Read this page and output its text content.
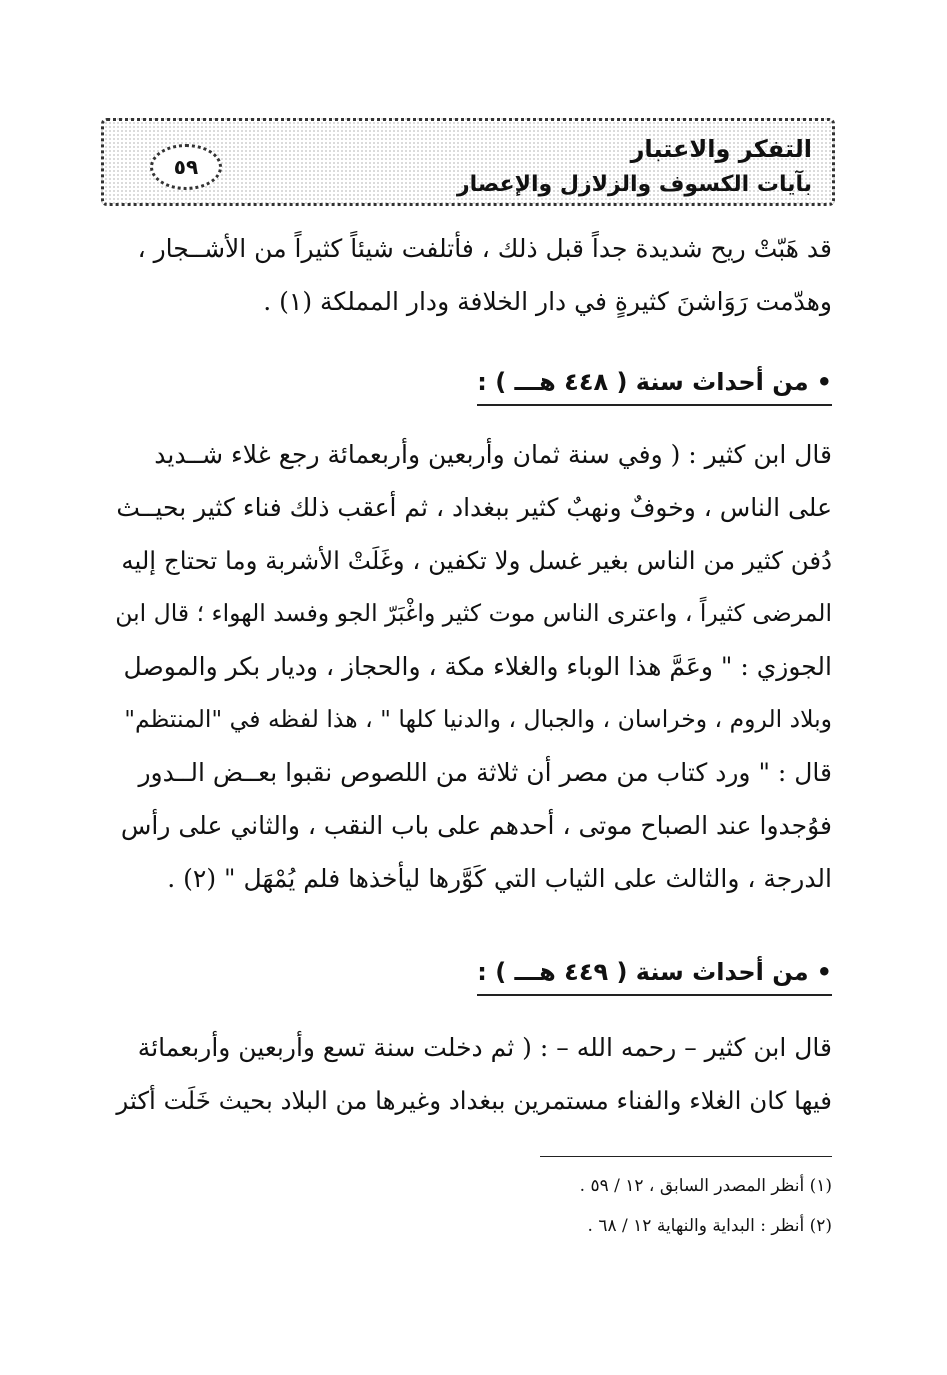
٥٩
التفكر والاعتبار
بآيات الكسوف والزلازل والإعصار

قد هَبّتْ ريح شديدة جداً قبل ذلك ، فأتلفت شيئاً كثيراً من الأشــجار ،

وهدّمت رَوَاشنَ كثيرةٍ في دار الخلافة ودار المملكة (١) .

•من أحداث سنة ( ٤٤٨ هـــ ) :

قال ابن كثير : ( وفي سنة ثمان وأربعين وأربعمائة رجع غلاء شــديد

على الناس ، وخوفٌ ونهبٌ كثير ببغداد ، ثم أعقب ذلك فناء كثير بحيــث

دُفن كثير من الناس بغير غسل ولا تكفين ، وغَلَتْ الأشربة وما تحتاج إليه

المرضى كثيراً ، واعترى الناس موت كثير واغْبَرّ الجو وفسد الهواء ؛ قال ابن

الجوزي : " وعَمَّ هذا الوباء والغلاء مكة ، والحجاز ، وديار بكر والموصل

وبلاد الروم ، وخراسان ، والجبال ، والدنيا كلها " ، هذا لفظه في "المنتظم"

قال : " ورد كتاب من مصر أن ثلاثة من اللصوص نقبوا بعــض الــدور

فوُجدوا عند الصباح موتى ، أحدهم على باب النقب ، والثاني على رأس

الدرجة ، والثالث على الثياب التي كَوَّرها ليأخذها فلم يُمْهَل " (٢) .

•من أحداث سنة ( ٤٤٩ هـــ ) :

قال ابن كثير – رحمه الله – : ( ثم دخلت سنة تسع وأربعين وأربعمائة

فيها كان الغلاء والفناء مستمرين ببغداد وغيرها من البلاد بحيث خَلَت أكثر

(١) أنظر المصدر السابق ، ١٢ / ٥٩ .

(٢) أنظر : البداية والنهاية ١٢ / ٦٨ .
